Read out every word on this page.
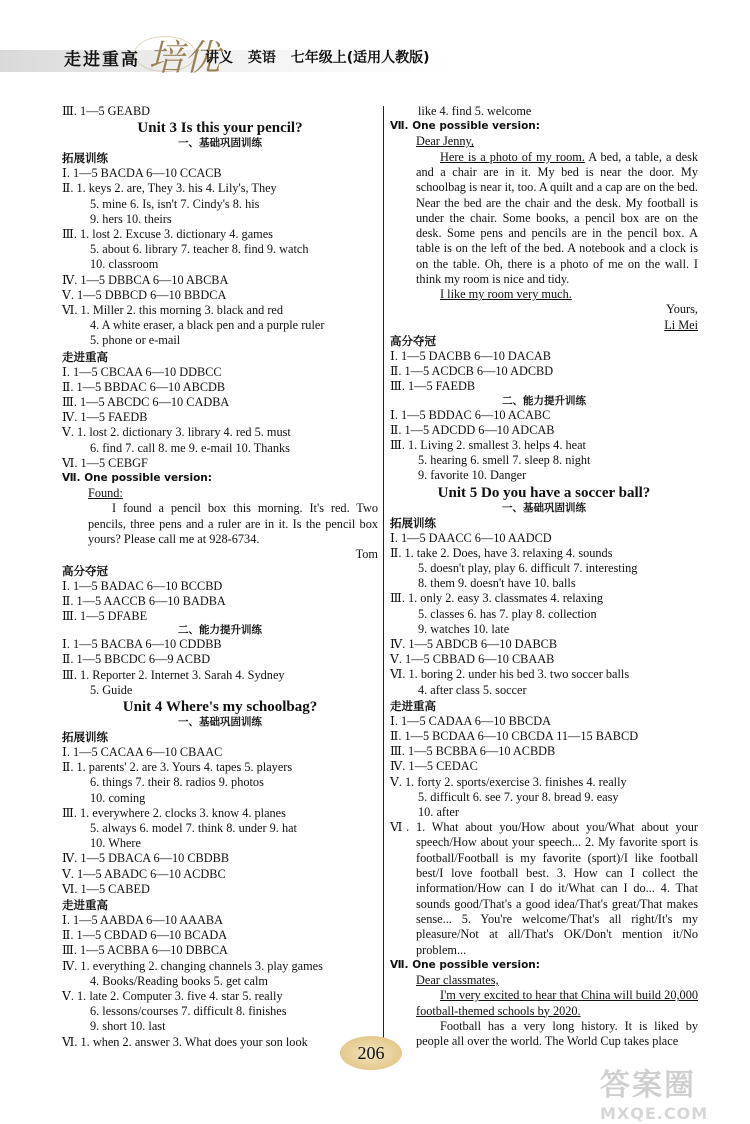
走进重高 培优
讲义 英语 七年级上(适用人教版)
Ⅲ. 1—5 GEABD
Unit 3 Is this your pencil?
一、基础巩固训练
拓展训练
Ⅰ. 1—5 BACDA 6—10 CCACB
Ⅱ. 1. keys 2. are, They 3. his 4. Lily's, They
5. mine 6. Is, isn't 7. Cindy's 8. his
9. hers 10. theirs
Ⅲ. 1. lost 2. Excuse 3. dictionary 4. games
5. about 6. library 7. teacher 8. find 9. watch
10. classroom
Ⅳ. 1—5 DBBCA 6—10 ABCBA
Ⅴ. 1—5 DBBCD 6—10 BBDCA
Ⅵ. 1. Miller 2. this morning 3. black and red
4. A white eraser, a black pen and a purple ruler
5. phone or e-mail
走进重高
Ⅰ. 1—5 CBCAA 6—10 DDBCC
Ⅱ. 1—5 BBDAC 6—10 ABCDB
Ⅲ. 1—5 ABCDC 6—10 CADBA
Ⅳ. 1—5 FAEDB
Ⅴ. 1. lost 2. dictionary 3. library 4. red 5. must
6. find 7. call 8. me 9. e-mail 10. Thanks
Ⅵ. 1—5 CEBGF
Ⅶ. One possible version:
Found:
I found a pencil box this morning. It's red. Two pencils, three pens and a ruler are in it. Is the pencil box yours? Please call me at 928-6734.
Tom
高分夺冠
Ⅰ. 1—5 BADAC 6—10 BCCBD
Ⅱ. 1—5 AACCB 6—10 BADBA
Ⅲ. 1—5 DFABE
二、能力提升训练
Ⅰ. 1—5 BACBA 6—10 CDDBB
Ⅱ. 1—5 BBCDC 6—9 ACBD
Ⅲ. 1. Reporter 2. Internet 3. Sarah 4. Sydney
5. Guide
Unit 4 Where's my schoolbag?
一、基础巩固训练
拓展训练
Ⅰ. 1—5 CACAA 6—10 CBAAC
Ⅱ. 1. parents' 2. are 3. Yours 4. tapes 5. players
6. things 7. their 8. radios 9. photos
10. coming
Ⅲ. 1. everywhere 2. clocks 3. know 4. planes
5. always 6. model 7. think 8. under 9. hat
10. Where
Ⅳ. 1—5 DBACA 6—10 CBDBB
Ⅴ. 1—5 ABADC 6—10 ACDBC
Ⅵ. 1—5 CABED
走进重高
Ⅰ. 1—5 AABDA 6—10 AAABA
Ⅱ. 1—5 CBDAD 6—10 BCADA
Ⅲ. 1—5 ACBBA 6—10 DBBCA
Ⅳ. 1. everything 2. changing channels 3. play games
4. Books/Reading books 5. get calm
Ⅴ. 1. late 2. Computer 3. five 4. star 5. really
6. lessons/courses 7. difficult 8. finishes
9. short 10. last
Ⅵ. 1. when 2. answer 3. What does your son look
like 4. find 5. welcome
Ⅶ. One possible version:
Dear Jenny,
Here is a photo of my room. A bed, a table, a desk and a chair are in it. My bed is near the door. My schoolbag is near it, too. A quilt and a cap are on the bed. Near the bed are the chair and the desk. My football is under the chair. Some books, a pencil box are on the desk. Some pens and pencils are in the pencil box. A table is on the left of the bed. A notebook and a clock is on the table. Oh, there is a photo of me on the wall. I think my room is nice and tidy.
I like my room very much.
Yours,
Li Mei
高分夺冠
Ⅰ. 1—5 DACBB 6—10 DACAB
Ⅱ. 1—5 ACDCB 6—10 ADCBD
Ⅲ. 1—5 FAEDB
二、能力提升训练
Ⅰ. 1—5 BDDAC 6—10 ACABC
Ⅱ. 1—5 ADCDD 6—10 ADCAB
Ⅲ. 1. Living 2. smallest 3. helps 4. heat
5. hearing 6. smell 7. sleep 8. night
9. favorite 10. Danger
Unit 5 Do you have a soccer ball?
一、基础巩固训练
拓展训练
Ⅰ. 1—5 DAACC 6—10 AADCD
Ⅱ. 1. take 2. Does, have 3. relaxing 4. sounds
5. doesn't play, play 6. difficult 7. interesting
8. them 9. doesn't have 10. balls
Ⅲ. 1. only 2. easy 3. classmates 4. relaxing
5. classes 6. has 7. play 8. collection
9. watches 10. late
Ⅳ. 1—5 ABDCB 6—10 DABCB
Ⅴ. 1—5 CBBAD 6—10 CBAAB
Ⅵ. 1. boring 2. under his bed 3. two soccer balls
4. after class 5. soccer
走进重高
Ⅰ. 1—5 CADAA 6—10 BBCDA
Ⅱ. 1—5 BCDAA 6—10 CBCDA 11—15 BABCD
Ⅲ. 1—5 BCBBA 6—10 ACBDB
Ⅳ. 1—5 CEDAC
Ⅴ. 1. forty 2. sports/exercise 3. finishes 4. really
5. difficult 6. see 7. your 8. bread 9. easy
10. after
Ⅵ. 1. What about you/How about you/What about your speech/How about your speech... 2. My favorite sport is football/Football is my favorite (sport)/I like football best/I love football best. 3. How can I collect the information/How can I do it/What can I do... 4. That sounds good/That's a good idea/That's great/That makes sense... 5. You're welcome/That's all right/It's my pleasure/Not at all/That's OK/Don't mention it/No problem...
Ⅶ. One possible version:
Dear classmates,
I'm very excited to hear that China will build 20,000 football-themed schools by 2020.
Football has a very long history. It is liked by people all over the world. The World Cup takes place
206
答案圈
MXQE.COM
